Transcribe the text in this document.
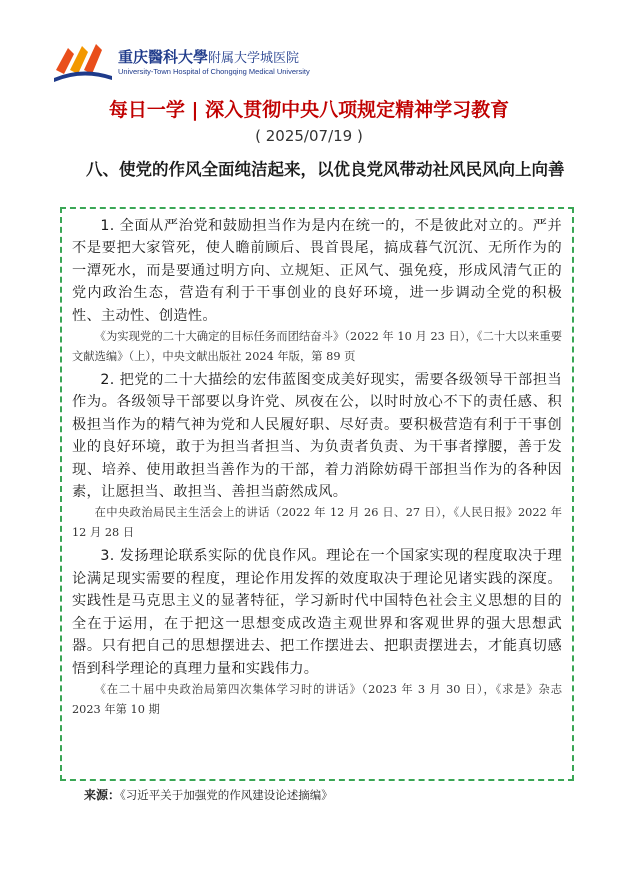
重庆醫科大學附属大学城医院
University-Town Hospital of Chongqing Medical University
每日一学 | 深入贯彻中央八项规定精神学习教育
( 2025/07/19 )
八、使党的作风全面纯洁起来，以优良党风带动社风民风向上向善

1. 全面从严治党和鼓励担当作为是内在统一的，不是彼此对立的。严并不是要把大家管死，使人瞻前顾后、畏首畏尾，搞成暮气沉沉、无所作为的一潭死水，而是要通过明方向、立规矩、正风气、强免疫，形成风清气正的党内政治生态，营造有利于干事创业的良好环境，进一步调动全党的积极性、主动性、创造性。

《为实现党的二十大确定的目标任务而团结奋斗》（2022 年 10 月 23 日），《二十大以来重要文献选编》（上），中央文献出版社 2024 年版，第 89 页

2. 把党的二十大描绘的宏伟蓝图变成美好现实，需要各级领导干部担当作为。各级领导干部要以身许党、夙夜在公，以时时放心不下的责任感、积极担当作为的精气神为党和人民履好职、尽好责。要积极营造有利于干事创业的良好环境，敢于为担当者担当、为负责者负责、为干事者撑腰，善于发现、培养、使用敢担当善作为的干部，着力消除妨碍干部担当作为的各种因素，让愿担当、敢担当、善担当蔚然成风。

在中央政治局民主生活会上的讲话（2022 年 12 月 26 日、27 日），《人民日报》2022 年 12 月 28 日

3. 发扬理论联系实际的优良作风。理论在一个国家实现的程度取决于理论满足现实需要的程度，理论作用发挥的效度取决于理论见诸实践的深度。实践性是马克思主义的显著特征，学习新时代中国特色社会主义思想的目的全在于运用，在于把这一思想变成改造主观世界和客观世界的强大思想武器。只有把自己的思想摆进去、把工作摆进去、把职责摆进去，才能真切感悟到科学理论的真理力量和实践伟力。

《在二十届中央政治局第四次集体学习时的讲话》（2023 年 3 月 30 日），《求是》杂志 2023 年第 10 期

来源：《习近平关于加强党的作风建设论述摘编》
